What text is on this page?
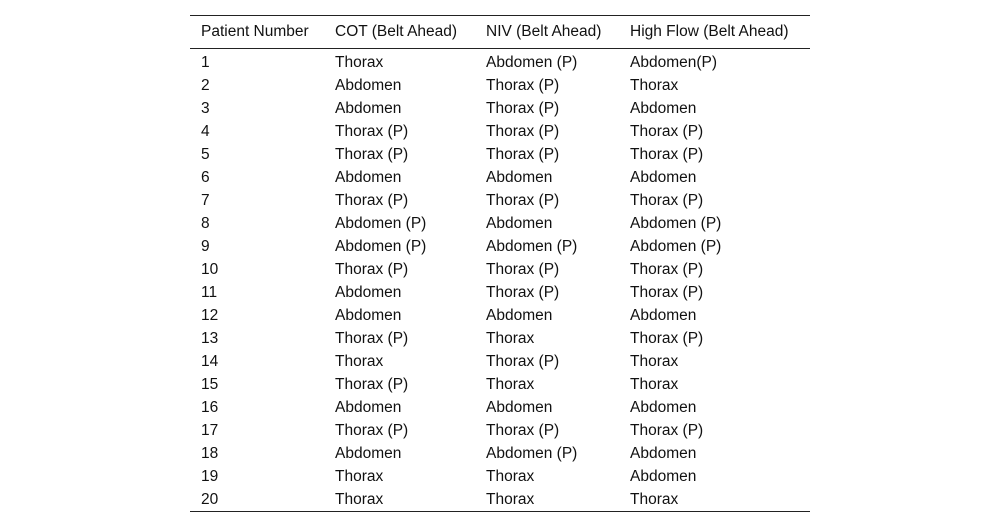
Patient Number	COT (Belt Ahead)	NIV (Belt Ahead)	High Flow (Belt Ahead)
1	Thorax	Abdomen (P)	Abdomen(P)
2	Abdomen	Thorax (P)	Thorax
3	Abdomen	Thorax (P)	Abdomen
4	Thorax (P)	Thorax (P)	Thorax (P)
5	Thorax (P)	Thorax (P)	Thorax (P)
6	Abdomen	Abdomen	Abdomen
7	Thorax (P)	Thorax (P)	Thorax (P)
8	Abdomen (P)	Abdomen	Abdomen (P)
9	Abdomen (P)	Abdomen (P)	Abdomen (P)
10	Thorax (P)	Thorax (P)	Thorax (P)
11	Abdomen	Thorax (P)	Thorax (P)
12	Abdomen	Abdomen	Abdomen
13	Thorax (P)	Thorax	Thorax (P)
14	Thorax	Thorax (P)	Thorax
15	Thorax (P)	Thorax	Thorax
16	Abdomen	Abdomen	Abdomen
17	Thorax (P)	Thorax (P)	Thorax (P)
18	Abdomen	Abdomen (P)	Abdomen
19	Thorax	Thorax	Abdomen
20	Thorax	Thorax	Thorax
